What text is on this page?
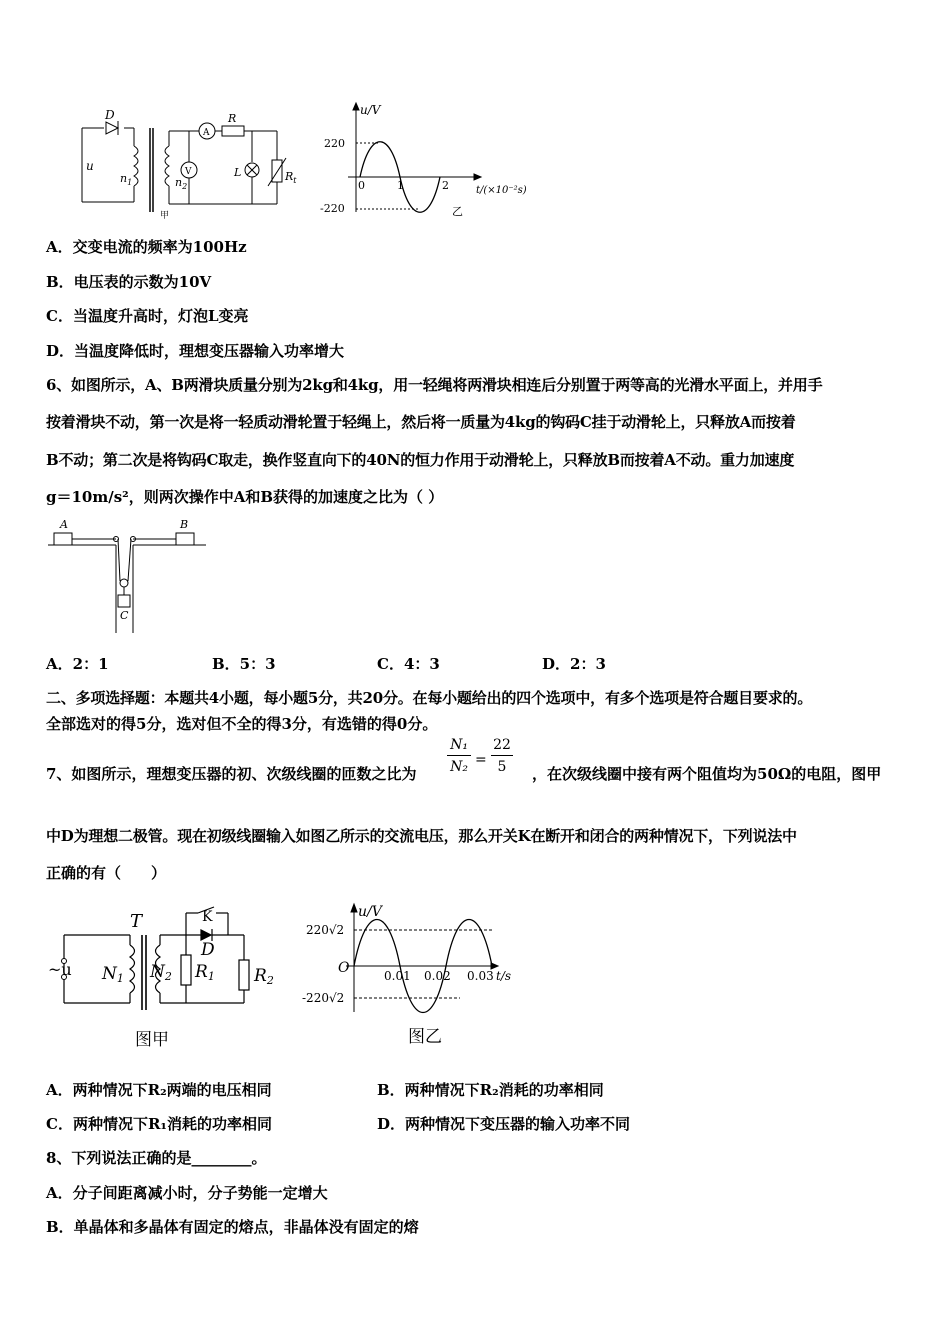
D
u
$n_1$	$n_2$
R
A
V	L	$R_t$
甲
u/V
220
-220
0	1	2	t/(×10⁻²s)
乙
A．交变电流的频率为100Hz
B．电压表的示数为10V
C．当温度升高时，灯泡L变亮
D．当温度降低时，理想变压器输入功率增大
6、如图所示，A、B两滑块质量分别为2kg和4kg，用一轻绳将两滑块相连后分别置于两等高的光滑水平面上，并用手
按着滑块不动，第一次是将一轻质动滑轮置于轻绳上，然后将一质量为4kg的钩码C挂于动滑轮上，只释放A而按着
B不动；第二次是将钩码C取走，换作竖直向下的40N的恒力作用于动滑轮上，只释放B而按着A不动。重力加速度
g＝10m/s²，则两次操作中A和B获得的加速度之比为（ ）
A	B
C
A．2：1	B．5：3	C．4：3	D．2：3
二、多项选择题：本题共4小题，每小题5分，共20分。在每小题给出的四个选项中，有多个选项是符合题目要求的。
全部选对的得5分，选对但不全的得3分，有选错的得0分。
7、如图所示，理想变压器的初、次级线圈的匝数之比为 $\frac{\text{N₁}}{\text{N₂}} = \frac{22}{5}$ ，在次级线圈中接有两个阻值均为50Ω的电阻，图甲
中D为理想二极管。现在初级线圈输入如图乙所示的交流电压，那么开关K在断开和闭合的两种情况下，下列说法中
正确的有（　　）
~u
T
N1 N2
K
D
R1 R2
图甲
u/V
220√2
-220√2
O	0.01 0.02 0.03 t/s
图乙
A．两种情况下R₂两端的电压相同	B．两种情况下R₂消耗的功率相同
C．两种情况下R₁消耗的功率相同	D．两种情况下变压器的输入功率不同
8、下列说法正确的是________。
A．分子间距离减小时，分子势能一定增大
B．单晶体和多晶体有固定的熔点，非晶体没有固定的熔
